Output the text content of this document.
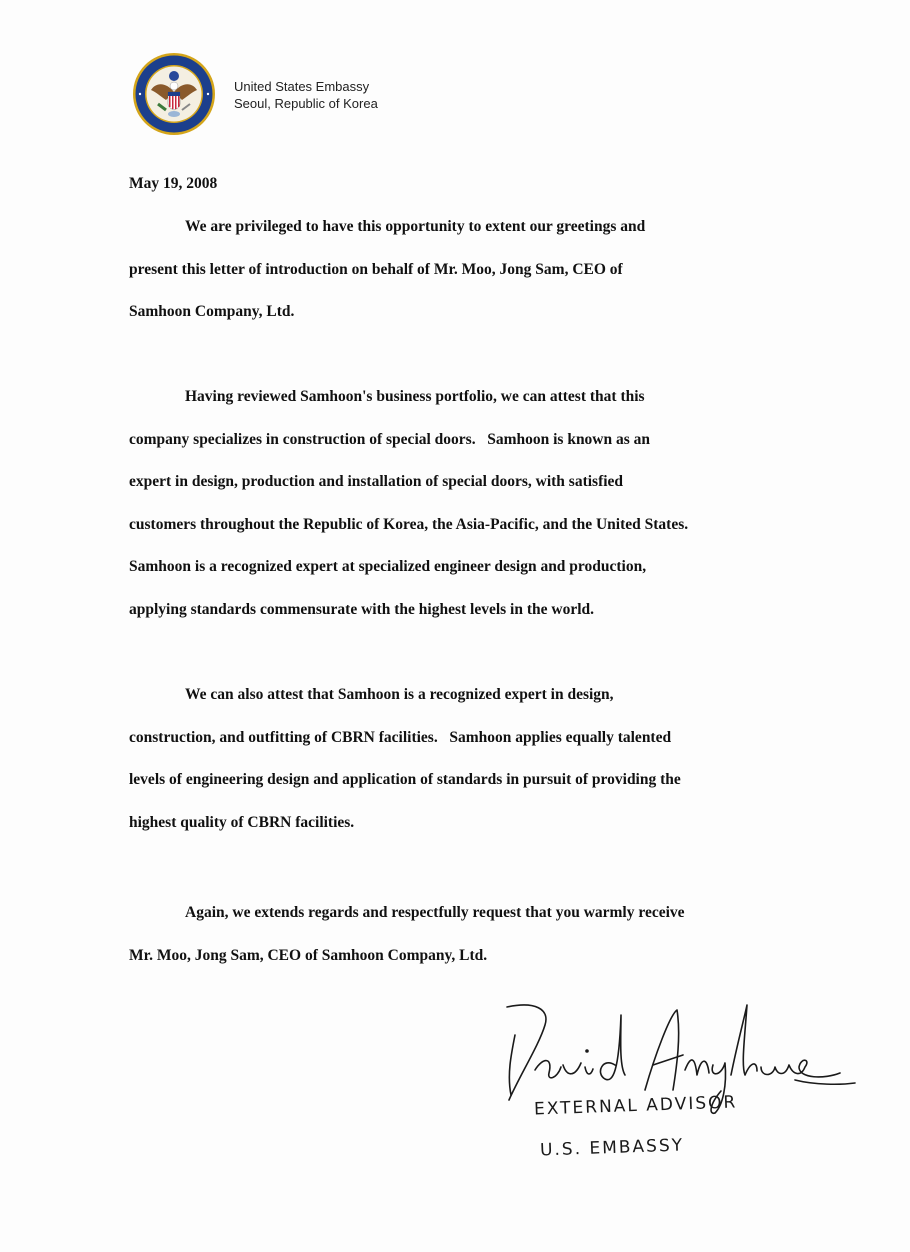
United States Embassy
Seoul, Republic of Korea
May 19, 2008
We are privileged to have this opportunity to extent our greetings and
present this letter of introduction on behalf of Mr. Moo, Jong Sam, CEO of
Samhoon Company, Ltd.
Having reviewed Samhoon's business portfolio, we can attest that this
company specializes in construction of special doors.   Samhoon is known as an
expert in design, production and installation of special doors, with satisfied
customers throughout the Republic of Korea, the Asia-Pacific, and the United States.
Samhoon is a recognized expert at specialized engineer design and production,
applying standards commensurate with the highest levels in the world.
We can also attest that Samhoon is a recognized expert in design,
construction, and outfitting of CBRN facilities.   Samhoon applies equally talented
levels of engineering design and application of standards in pursuit of providing the
highest quality of CBRN facilities.
Again, we extends regards and respectfully request that you warmly receive
Mr. Moo, Jong Sam, CEO of Samhoon Company, Ltd.
EXTERNAL ADVISOR
U.S. EMBASSY
